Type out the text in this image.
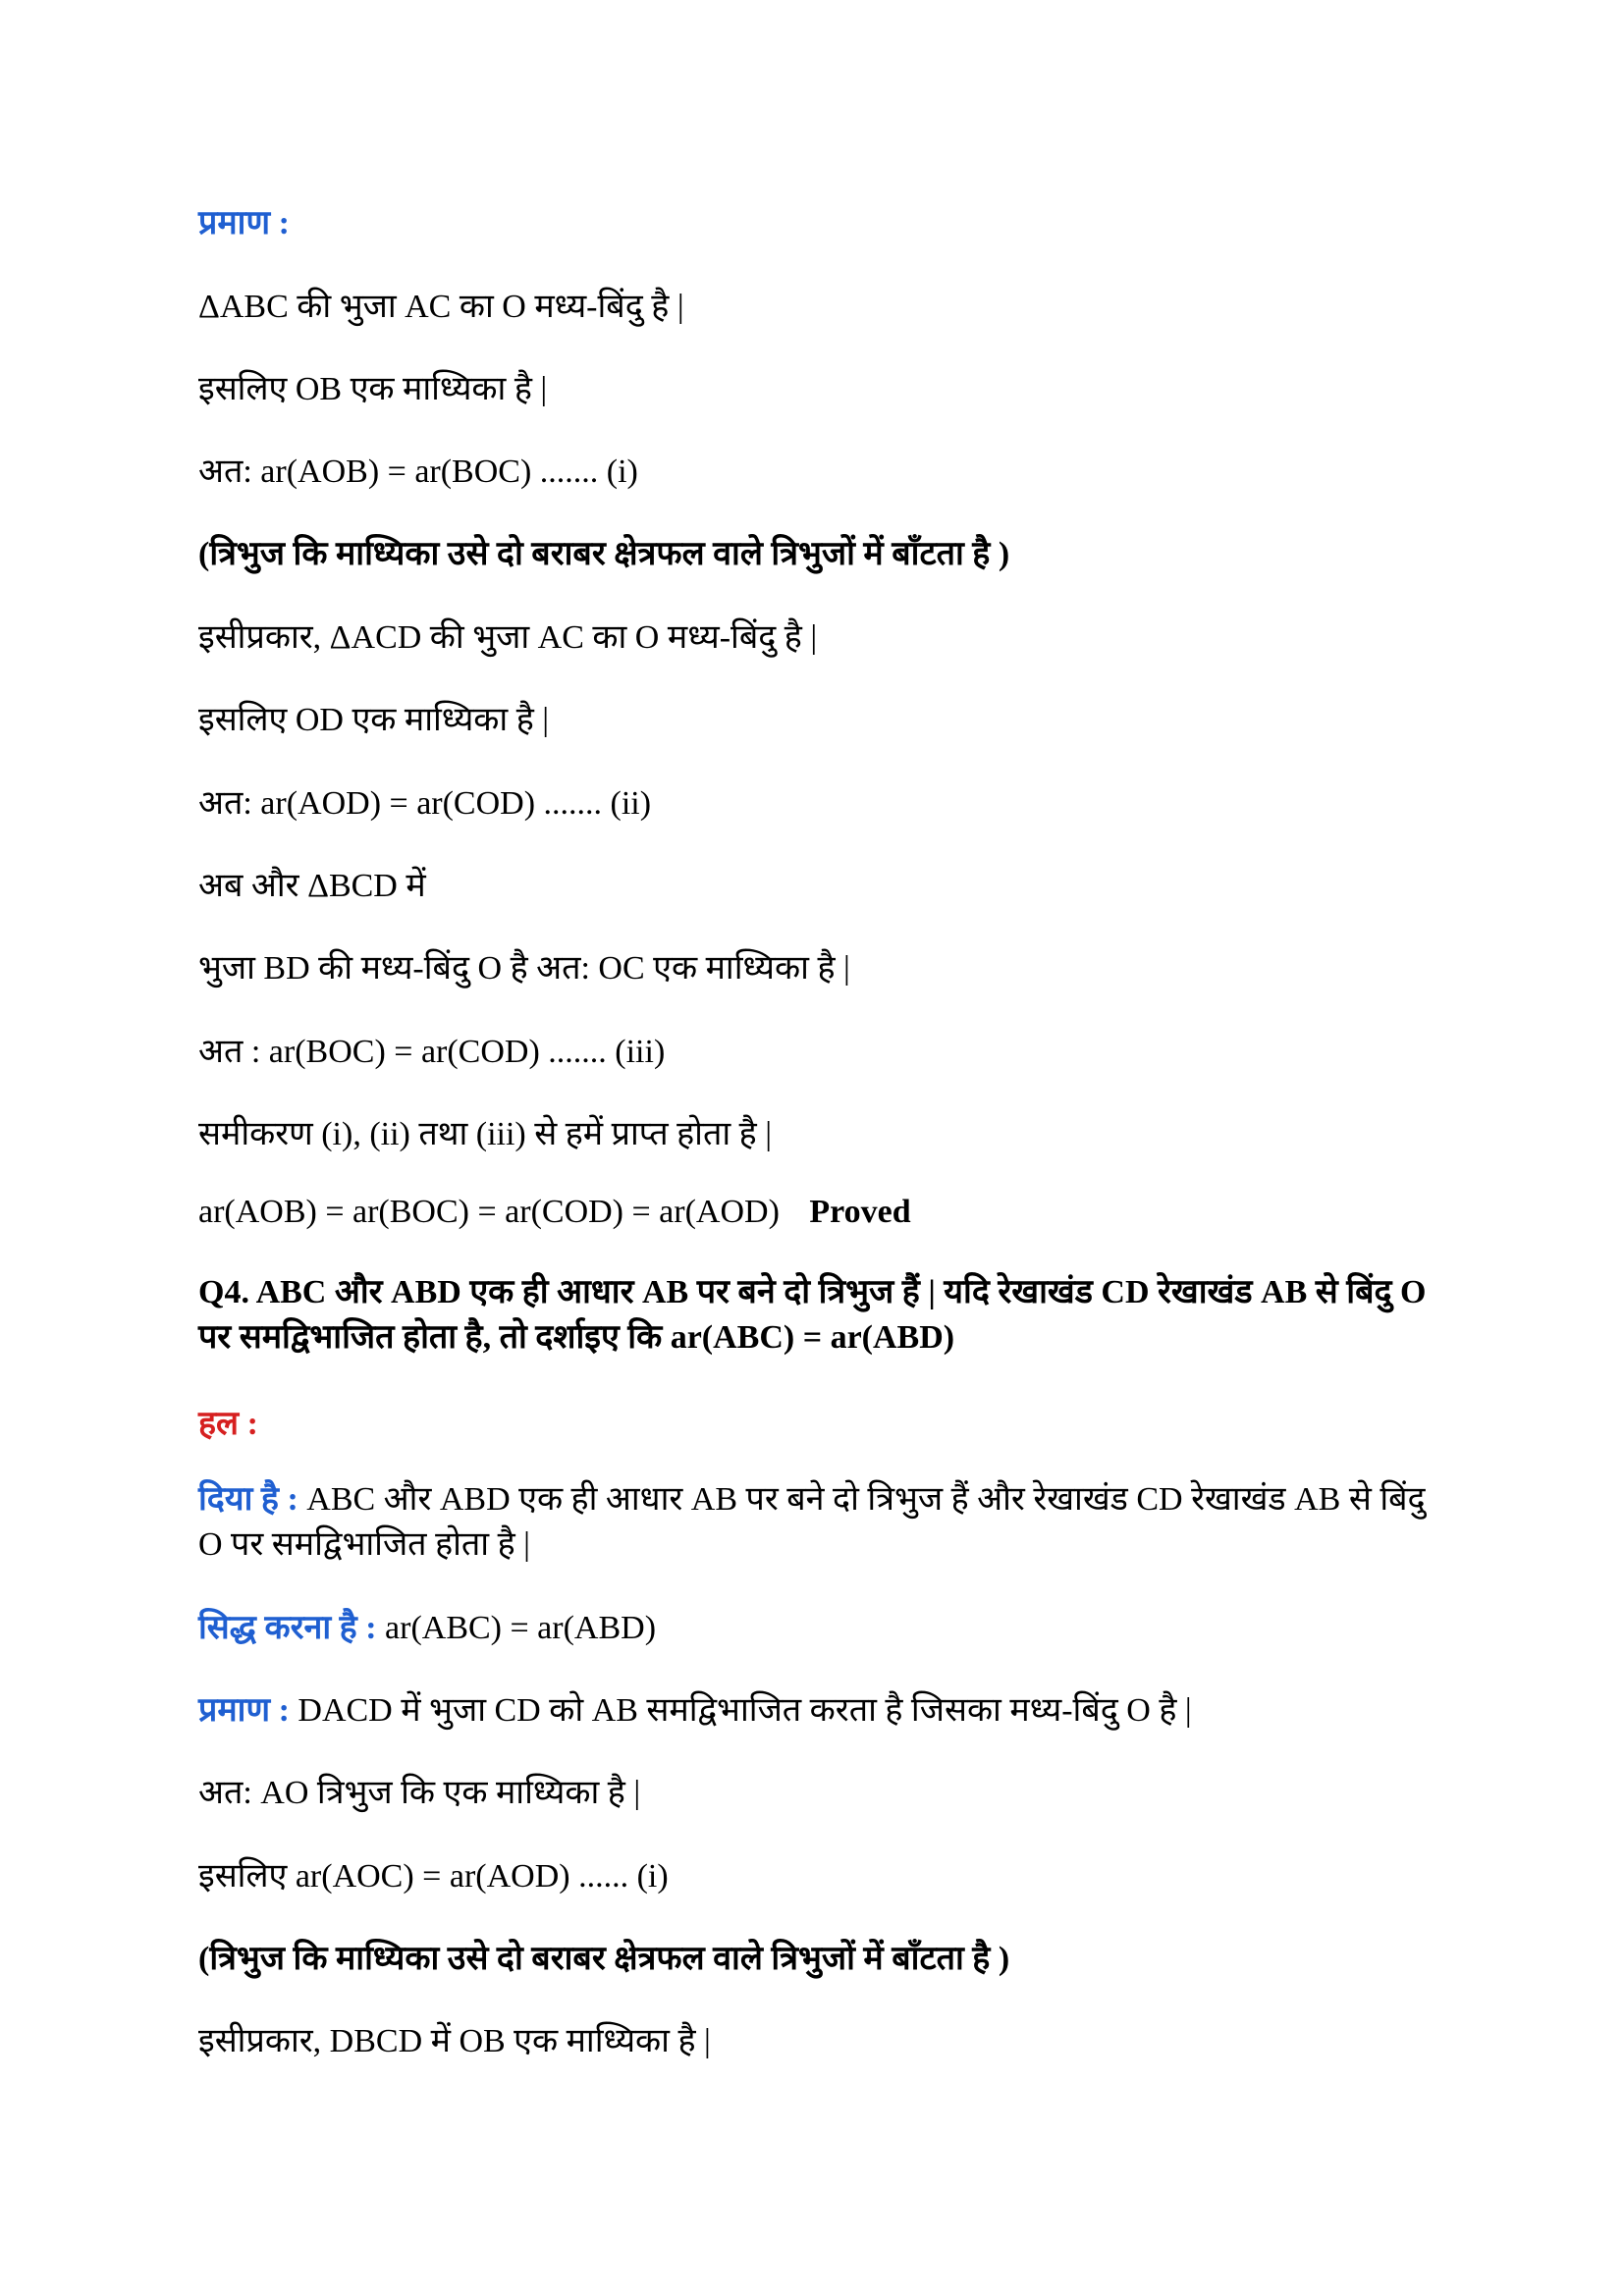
प्रमाण :
ΔABC की भुजा AC का O मध्य-बिंदु है |
इसलिए OB एक माध्यिका है |
अत: ar(AOB) = ar(BOC) ....... (i)
(त्रिभुज कि माध्यिका उसे दो बराबर क्षेत्रफल वाले त्रिभुजों में बाँटता है )
इसीप्रकार, ΔACD की भुजा AC का O मध्य-बिंदु है |
इसलिए OD एक माध्यिका है |
अत: ar(AOD) = ar(COD) ....... (ii)
अब और ΔBCD में
भुजा BD की मध्य-बिंदु O है अत: OC एक माध्यिका है |
अत : ar(BOC) = ar(COD) ....... (iii)
समीकरण (i), (ii) तथा (iii) से हमें प्राप्त होता है |
ar(AOB) = ar(BOC) = ar(COD) = ar(AOD) Proved
Q4. ABC और ABD एक ही आधार AB पर बने दो त्रिभुज हैं | यदि रेखाखंड CD रेखाखंड AB से बिंदु O पर समद्विभाजित होता है, तो दर्शाइए कि ar(ABC) = ar(ABD)
हल :
दिया है : ABC और ABD एक ही आधार AB पर बने दो त्रिभुज हैं और रेखाखंड CD रेखाखंड AB से बिंदु O पर समद्विभाजित होता है |
सिद्ध करना है : ar(ABC) = ar(ABD)
प्रमाण : DACD में भुजा CD को AB समद्विभाजित करता है जिसका मध्य-बिंदु O है |
अत: AO त्रिभुज कि एक माध्यिका है |
इसलिए ar(AOC) = ar(AOD) ...... (i)
(त्रिभुज कि माध्यिका उसे दो बराबर क्षेत्रफल वाले त्रिभुजों में बाँटता है )
इसीप्रकार, DBCD में OB एक माध्यिका है |
